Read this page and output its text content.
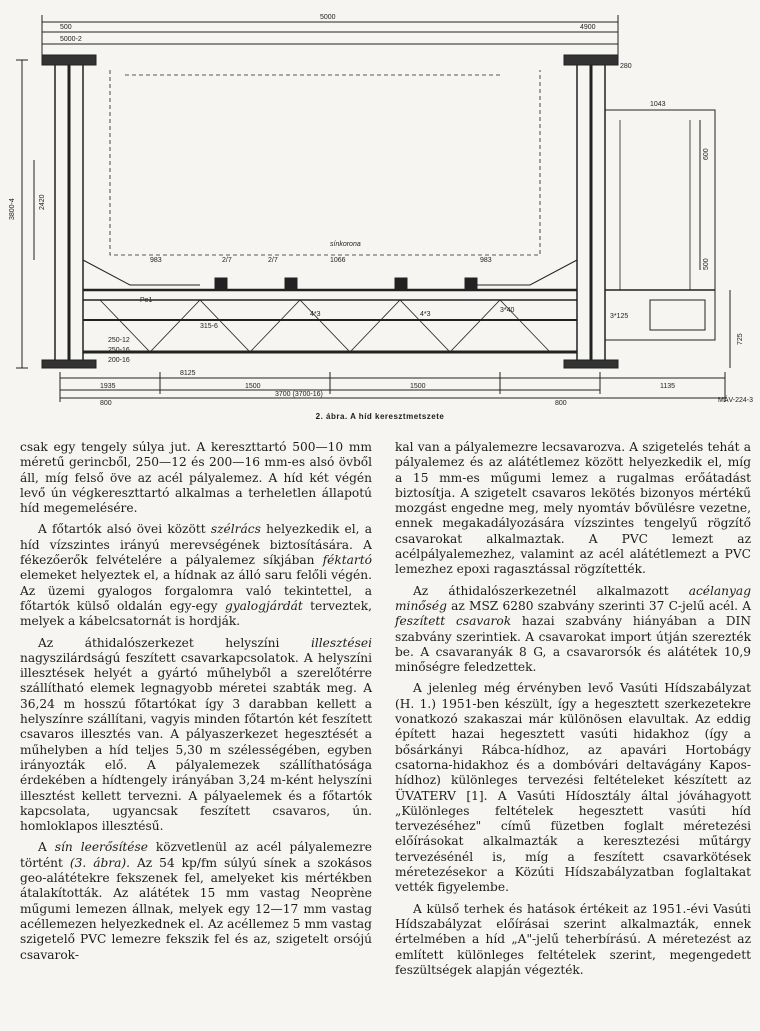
5000
4900
500
5000-2
3800-4	2420
1043
280
600
500
725
sínkorona
983	2/7	2/7	1066	983
Pe1
315-6
4*3	4*3
3*40
3*125
250-12
250-16
200-16
8125
1935	1500	1500	1135
3700 (3700-16)
800	800	MÁV-224-3
2. ábra. A híd keresztmetszete

csak egy tengely súlya jut. A kereszttartó 500—10 mm méretű gerincből, 250—12 és 200—16 mm-es alsó övből áll, míg felső öve az acél pályalemez. A híd két végén levő ún végkereszttartó alkalmas a terheletlen állapotú híd megemelésére.

A főtartók alsó övei között szélrács helyezkedik el, a híd vízszintes irányú merevségének biztosítására. A fékezőerők felvételére a pályalemez síkjában féktartó elemeket helyeztek el, a hídnak az álló saru felőli végén. Az üzemi gyalogos forgalomra való tekintettel, a főtartók külső oldalán egy-egy gyalogjárdát terveztek, melyek a kábelcsatornát is hordják.

Az áthidalószerkezet helyszíni illesztései nagyszilárdságú feszített csavarkapcsolatok. A helyszíni illesztések helyét a gyártó műhelyből a szerelőtérre szállítható elemek legnagyobb méretei szabták meg. A 36,24 m hosszú főtartókat így 3 darabban kellett a helyszínre szállítani, vagyis minden főtartón két feszített csavaros illesztés van. A pályaszerkezet hegesztését a műhelyben a híd teljes 5,30 m szélességében, egyben irányozták elő. A pályalemezek szállíthatósága érdekében a hídtengely irányában 3,24 m-ként helyszíni illesztést kellett tervezni. A pályaelemek és a főtartók kapcsolata, ugyancsak feszített csavaros, ún. homloklapos illesztésű.

A sín leerősítése közvetlenül az acél pályalemezre történt (3. ábra). Az 54 kp/fm súlyú sínek a szokásos geo-alátétekre fekszenek fel, amelyeket kis mértékben átalakították. Az alátétek 15 mm vastag Neoprène műgumi lemezen állnak, melyek egy 12—17 mm vastag acéllemezen helyezkednek el. Az acéllemez 5 mm vastag szigetelő PVC lemezre fekszik fel és az, szigetelt orsójú csavarok-

kal van a pályalemezre lecsavarozva. A szigetelés tehát a pályalemez és az alátétlemez között helyezkedik el, míg a 15 mm-es műgumi lemez a rugalmas erőátadást biztosítja. A szigetelt csavaros lekötés bizonyos mértékű mozgást engedne meg, mely nyomtáv bővülésre vezetne, ennek megakadályozására vízszintes tengelyű rögzítő csavarokat alkalmaztak. A PVC lemezt az acélpályalemezhez, valamint az acél alátétlemezt a PVC lemezhez epoxi ragasztással rögzítették.

Az áthidalószerkezetnél alkalmazott acélanyag minőség az MSZ 6280 szabvány szerinti 37 C-jelű acél. A feszített csavarok hazai szabvány hiányában a DIN szabvány szerintiek. A csavarokat import útján szerezték be. A csavaranyák 8 G, a csavarorsók és alátétek 10,9 minőségre feledzettek.

A jelenleg még érvényben levő Vasúti Hídszabályzat (H. 1.) 1951-ben készült, így a hegesztett szerkezetekre vonatkozó szakaszai már különösen elavultak. Az eddig épített hazai hegesztett vasúti hidakhoz (így a bősárkányi Rábca-hídhoz, az apavári Hortobágy csatorna-hidakhoz és a dombóvári deltavágány Kapos-hídhoz) különleges tervezési feltételeket készített az ÜVATERV [1]. A Vasúti Hídosztály által jóváhagyott „Különleges feltételek hegesztett vasúti híd tervezéséhez" című füzetben foglalt méretezési előírásokat alkalmazták a keresztezési műtárgy tervezésénél is, míg a feszített csavarkötések méretezésekor a Közúti Hídszabályzatban foglaltakat vették figyelembe.

A külső terhek és hatások értékeit az 1951.-évi Vasúti Hídszabályzat előírásai szerint alkalmazták, ennek értelmében a híd „A"-jelű teherbírású. A méretezést az említett különleges feltételek szerint, megengedett feszültségek alapján végezték.
